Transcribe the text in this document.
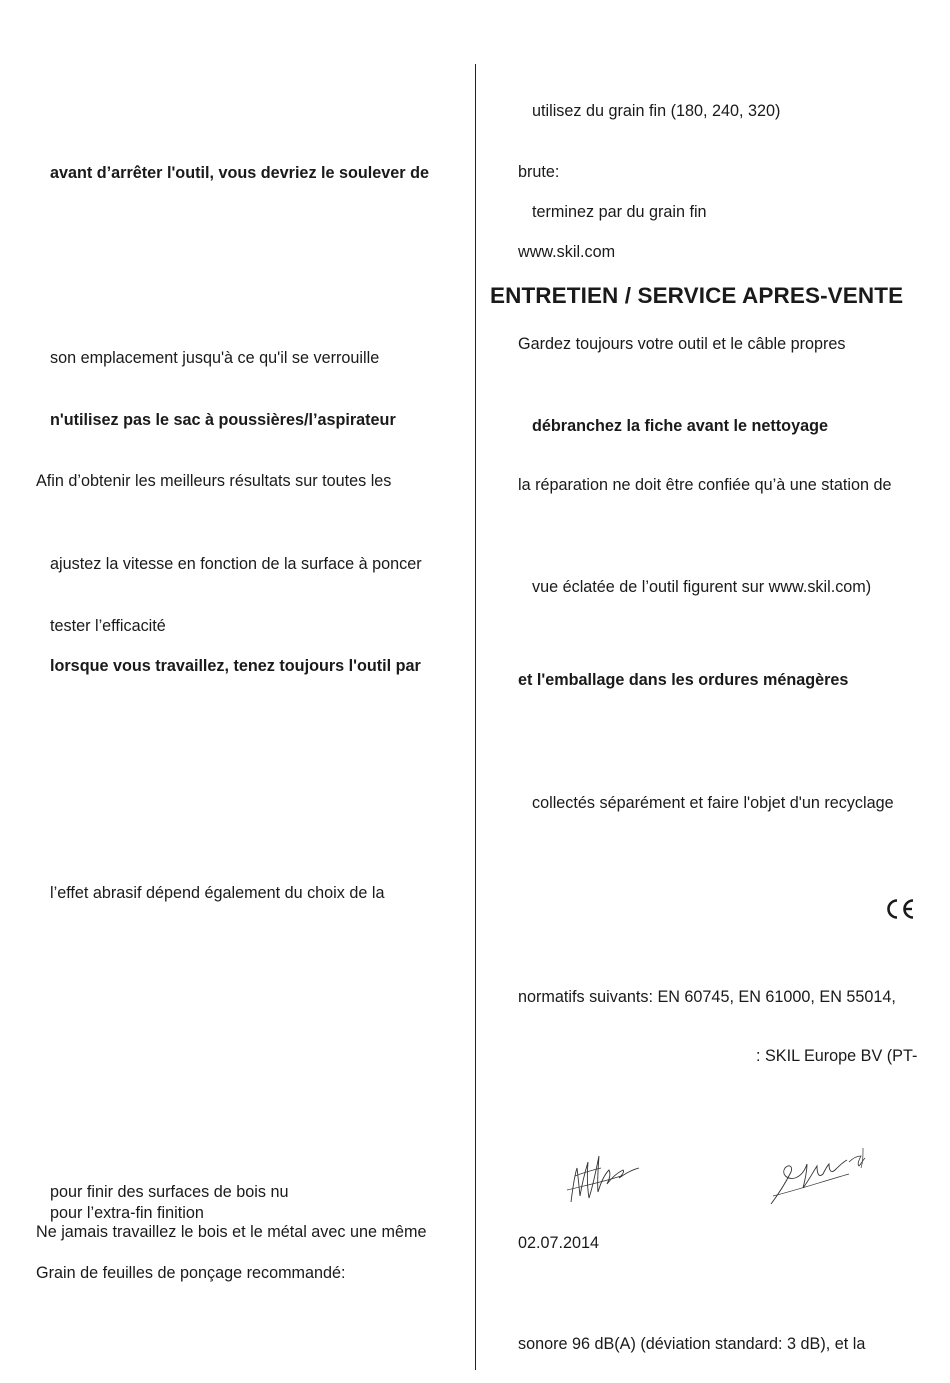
avant d’arrêter l'outil, vous devriez le soulever de
son emplacement jusqu'à ce qu'il se verrouille
n'utilisez pas le sac à poussières/l’aspirateur
Afin d’obtenir les meilleurs résultats sur toutes les
ajustez la vitesse en fonction de la surface à poncer
tester l’efficacité
lorsque vous travaillez, tenez toujours l'outil par
l’effet abrasif dépend également du choix de la
pour finir des surfaces de bois nu
pour l’extra-fin finition
Ne jamais travaillez le bois et le métal avec une même
Grain de feuilles de ponçage recommandé:
utilisez du grain fin (180, 240, 320)
brute:
terminez par du grain fin
www.skil.com
ENTRETIEN / SERVICE APRES-VENTE
Gardez toujours votre outil et le câble propres
débranchez la fiche avant le nettoyage
la réparation ne doit être confiée qu’à une station de
vue éclatée de l’outil figurent sur www.skil.com)
et l'emballage dans les ordures ménagères
collectés séparément et faire l'objet d'un recyclage
normatifs suivants: EN 60745, EN 61000, EN 55014,
: SKIL Europe BV (PT-
02.07.2014
sonore 96 dB(A) (déviation standard: 3 dB), et la
